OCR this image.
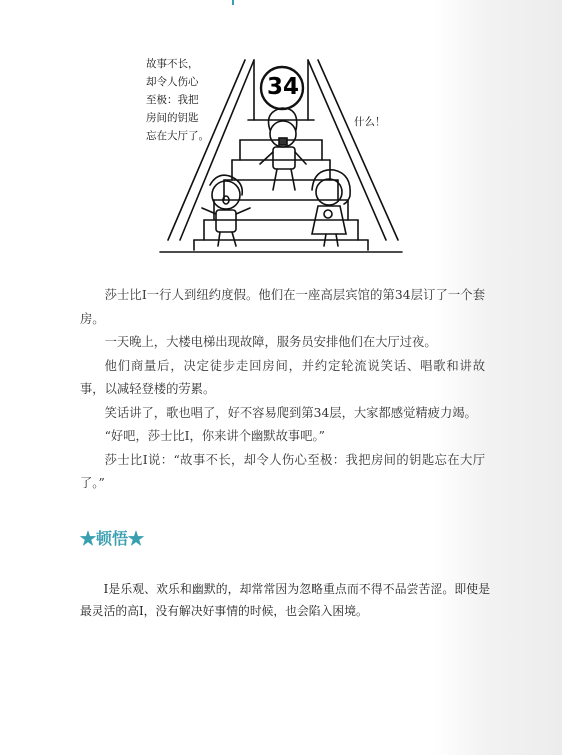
故事不长，
却令人伤心
至极：我把
房间的钥匙
忘在大厅了。
什么！
34

莎士比I一行人到纽约度假。他们在一座高层宾馆的第34层订了一个套房。

一天晚上，大楼电梯出现故障，服务员安排他们在大厅过夜。

他们商量后，决定徒步走回房间，并约定轮流说笑话、唱歌和讲故事，以减轻登楼的劳累。

笑话讲了，歌也唱了，好不容易爬到第34层，大家都感觉精疲力竭。

“好吧，莎士比I，你来讲个幽默故事吧。”

莎士比I说：“故事不长，却令人伤心至极：我把房间的钥匙忘在大厅了。”

★顿悟★

I是乐观、欢乐和幽默的，却常常因为忽略重点而不得不品尝苦涩。即使是最灵活的高I，没有解决好事情的时候，也会陷入困境。
